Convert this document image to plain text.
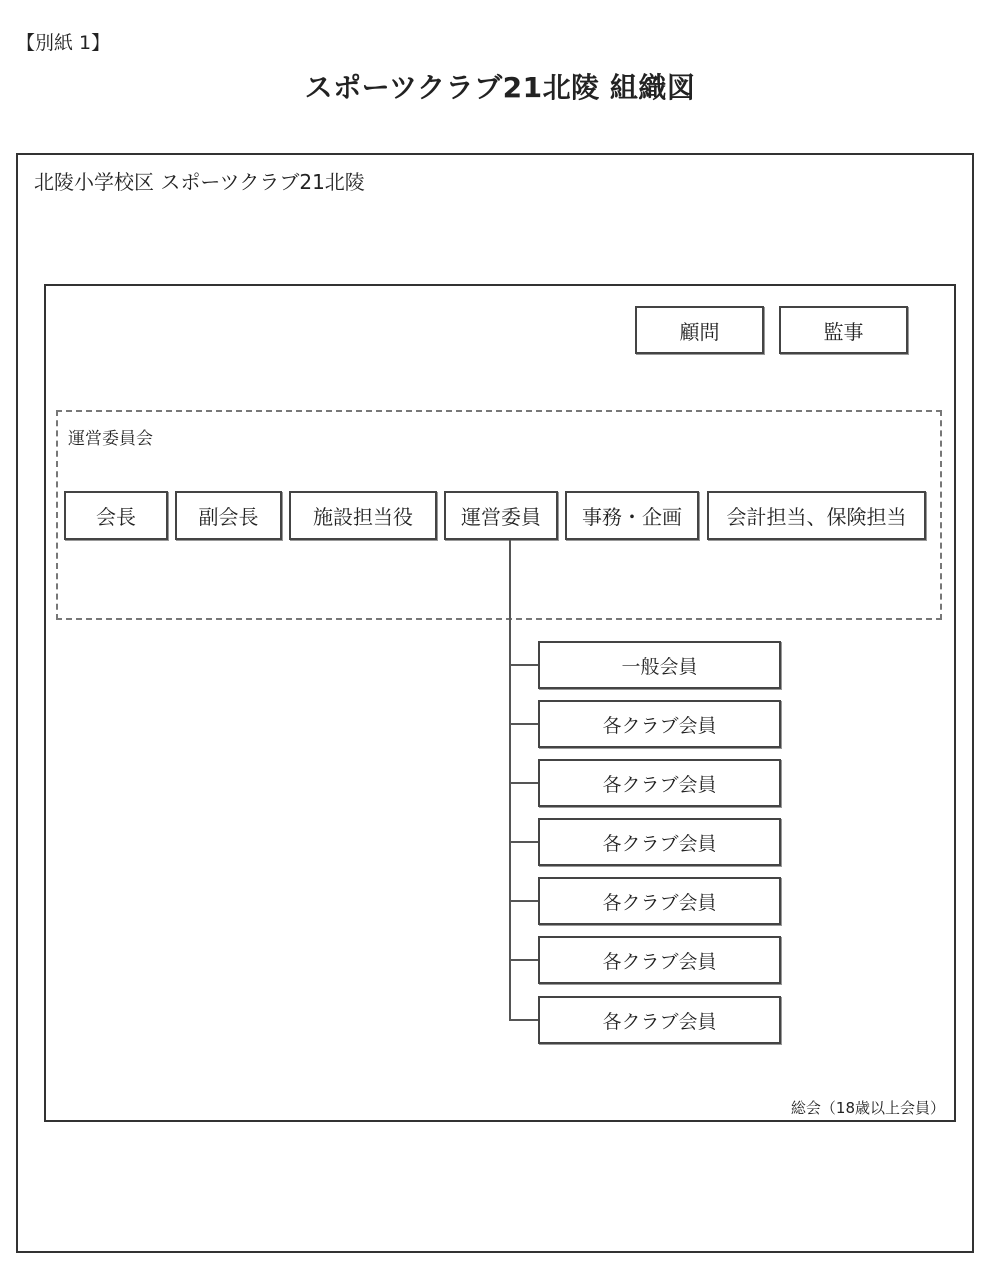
【別紙 1】
スポーツクラブ21北陵 組織図
北陵小学校区 スポーツクラブ21北陵
顧問	監事
運営委員会
会長	副会長	施設担当役	運営委員	事務・企画	会計担当、保険担当
一般会員
各クラブ会員
各クラブ会員
各クラブ会員
各クラブ会員
各クラブ会員
各クラブ会員
総会（18歳以上会員）
